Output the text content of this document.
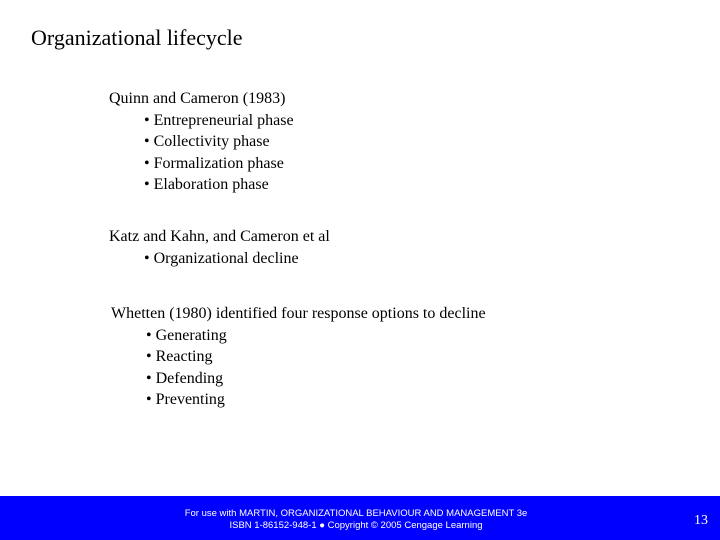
Organizational lifecycle
Quinn and Cameron (1983)
• Entrepreneurial phase
• Collectivity phase
• Formalization phase
• Elaboration phase
Katz and Kahn, and Cameron et al
• Organizational decline
Whetten (1980) identified four response options to decline
• Generating
• Reacting
• Defending
• Preventing
For use with MARTIN, ORGANIZATIONAL BEHAVIOUR AND MANAGEMENT 3e
ISBN 1-86152-948-1 ● Copyright © 2005 Cengage Learning	13
